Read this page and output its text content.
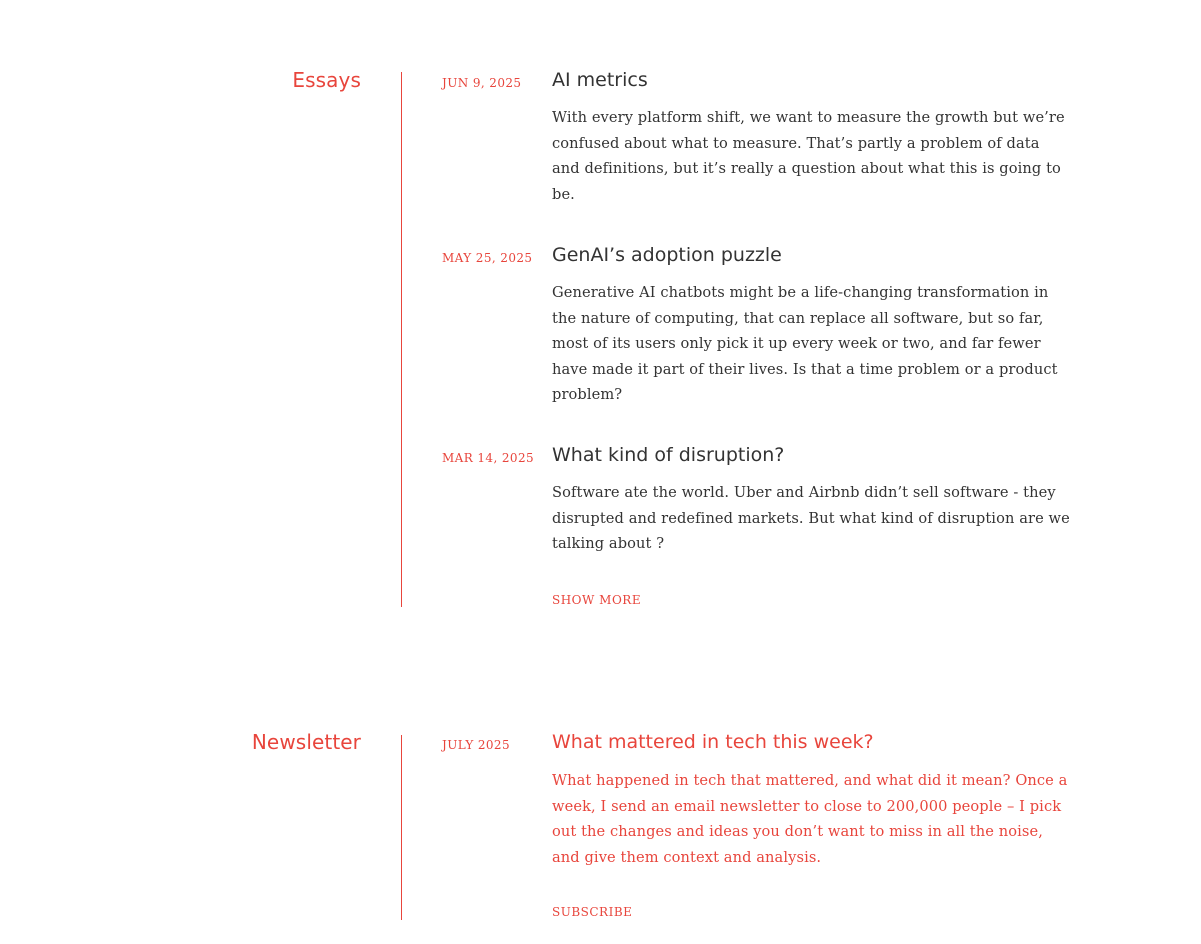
Essays	JUN 9, 2025 AI metrics
With every platform shift, we want to measure the growth but we’re confused about what to measure. That’s partly a problem of data and definitions, but it’s really a question about what this is going to be.
MAY 25, 2025 GenAI’s adoption puzzle
Generative AI chatbots might be a life-changing transformation in the nature of computing, that can replace all software, but so far, most of its users only pick it up every week or two, and far fewer have made it part of their lives. Is that a time problem or a product problem?
MAR 14, 2025 What kind of disruption?
Software ate the world. Uber and Airbnb didn’t sell software - they disrupted and redefined markets. But what kind of disruption are we talking about ?
SHOW MORE
Newsletter	JULY 2025 What mattered in tech this week?
What happened in tech that mattered, and what did it mean? Once a week, I send an email newsletter to close to 200,000 people – I pick out the changes and ideas you don’t want to miss in all the noise, and give them context and analysis.
SUBSCRIBE
